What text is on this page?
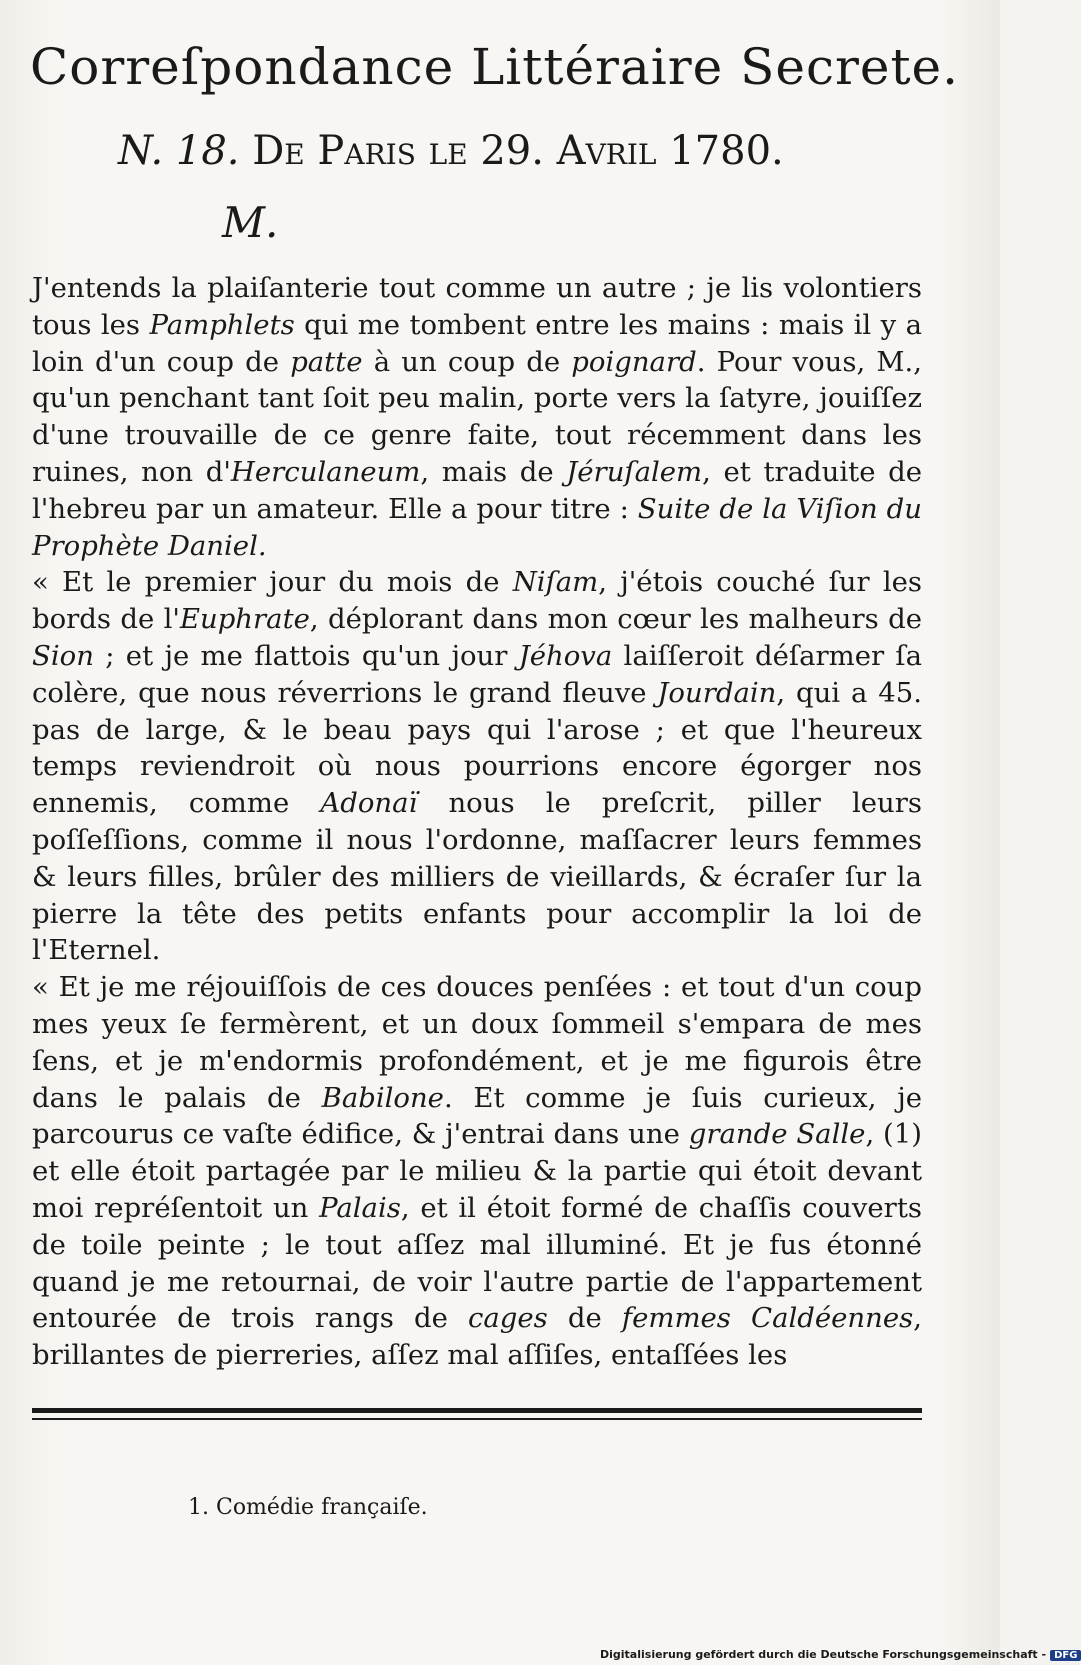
Correſpondance Littéraire Secrete.
N. 18. De Paris le 29. Avril 1780.
M.

J'entends la plaiſanterie tout comme un autre ; je lis volontiers tous les Pamphlets qui me tombent entre les mains : mais il y a loin d'un coup de patte à un coup de poignard. Pour vous, M., qu'un penchant tant ſoit peu malin, porte vers la ſatyre, jouiſſez d'une trouvaille de ce genre faite, tout récemment dans les ruines, non d'Herculaneum, mais de Jéruſalem, et traduite de l'hebreu par un amateur. Elle a pour titre : Suite de la Viſion du Prophète Daniel.

« Et le premier jour du mois de Niſam, j'étois couché ſur les bords de l'Euphrate, déplorant dans mon cœur les malheurs de Sion ; et je me flattois qu'un jour Jéhova laiſſeroit déſarmer ſa colère, que nous réverrions le grand fleuve Jourdain, qui a 45. pas de large, & le beau pays qui l'arose ; et que l'heureux temps reviendroit où nous pourrions encore égorger nos ennemis, comme Adonaï nous le preſcrit, piller leurs poſſeſſions, comme il nous l'ordonne, maſſacrer leurs femmes & leurs filles, brûler des milliers de vieillards, & écraſer ſur la pierre la tête des petits enfants pour accomplir la loi de l'Eternel.

« Et je me réjouiſſois de ces douces penſées : et tout d'un coup mes yeux ſe fermèrent, et un doux ſommeil s'empara de mes ſens, et je m'endormis profondément, et je me figurois être dans le palais de Babilone. Et comme je ſuis curieux, je parcourus ce vaſte édifice, & j'entrai dans une grande Salle, (1) et elle étoit partagée par le milieu & la partie qui étoit devant moi repréſentoit un Palais, et il étoit formé de chaſſis couverts de toile peinte ; le tout aſſez mal illuminé. Et je fus étonné quand je me retournai, de voir l'autre partie de l'appartement entourée de trois rangs de cages de femmes Caldéennes, brillantes de pierreries, aſſez mal aſſiſes, entaſſées les

1. Comédie françaiſe.
Digitalisierung gefördert durch die Deutsche Forschungsgemeinschaft - DFG
